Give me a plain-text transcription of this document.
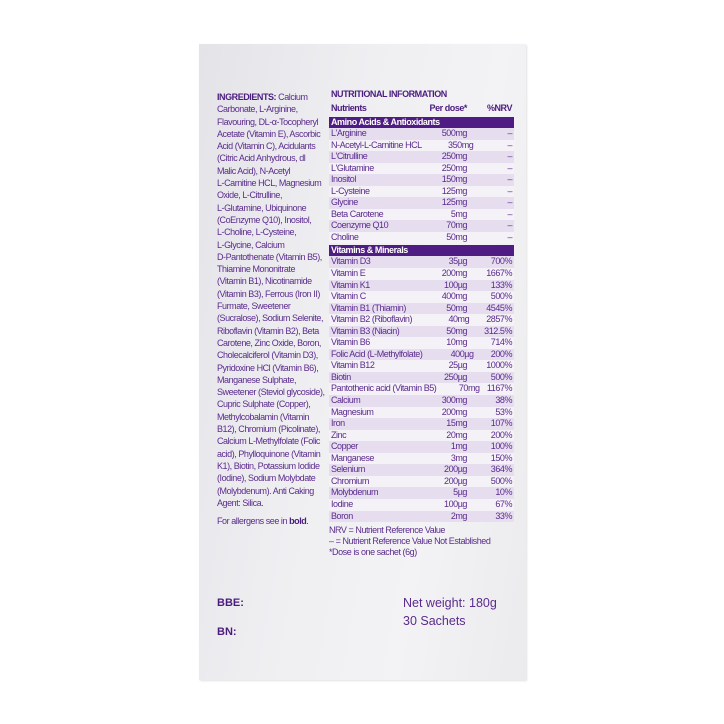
INGREDIENTS: Calcium
Carbonate, L-Arginine,
Flavouring, DL-α-Tocopheryl
Acetate (Vitamin E), Ascorbic
Acid (Vitamin C), Acidulants
(Citric Acid Anhydrous, dl
Malic Acid), N-Acetyl
L-Carnitine HCL, Magnesium
Oxide, L-Citrulline,
L-Glutamine, Ubiquinone
(CoEnzyme Q10), Inositol,
L-Choline, L-Cysteine,
L-Glycine, Calcium
D-Pantothenate (Vitamin B5),
Thiamine Mononitrate
(Vitamin B1), Nicotinamide
(Vitamin B3), Ferrous (Iron II)
Furmate, Sweetener
(Sucralose), Sodium Selenite,
Riboflavin (Vitamin B2), Beta
Carotene, Zinc Oxide, Boron,
Cholecalciferol (Vitamin D3),
Pyridoxine HCl (Vitamin B6),
Manganese Sulphate,
Sweetener (Steviol glycoside),
Cupric Sulphate (Copper),
Methylcobalamin (Vitamin
B12), Chromium (Picolinate),
Calcium L-Methylfolate (Folic
acid), Phylloquinone (Vitamin
K1), Biotin, Potassium Iodide
(Iodine), Sodium Molybdate
(Molybdenum). Anti Caking
Agent: Silica.
For allergens see in bold.
NUTRITIONAL INFORMATION
Nutrients	Per dose*	%NRV
Amino Acids & Antioxidants
L'Arginine	500mg	–
N-Acetyl-L-Carnitine HCL	350mg	–
L'Citrulline	250mg	–
L'Glutamine	250mg	–
Inositol	150mg	–
L-Cysteine	125mg	–
Glycine	125mg	–
Beta Carotene	5mg	–
Coenzyme Q10	70mg	–
Choline	50mg	–
Vitamins & Minerals
Vitamin D3	35µg	700%
Vitamin E	200mg	1667%
Vitamin K1	100µg	133%
Vitamin C	400mg	500%
Vitamin B1 (Thiamin)	50mg	4545%
Vitamin B2 (Riboflavin)	40mg	2857%
Vitamin B3 (Niacin)	50mg	312.5%
Vitamin B6	10mg	714%
Folic Acid (L-Methylfolate)	400µg	200%
Vitamin B12	25µg	1000%
Biotin	250µg	500%
Pantothenic acid (Vitamin B5)	70mg 1167%
Calcium	300mg	38%
Magnesium	200mg	53%
Iron	15mg	107%
Zinc	20mg	200%
Copper	1mg	100%
Manganese	3mg	150%
Selenium	200µg	364%
Chromium	200µg	500%
Molybdenum	5µg	10%
Iodine	100µg	67%
Boron	2mg	33%
NRV = Nutrient Reference Value
– = Nutrient Reference Value Not Established
*Dose is one sachet (6g)
BBE:
BN:
Net weight: 180g
30 Sachets
